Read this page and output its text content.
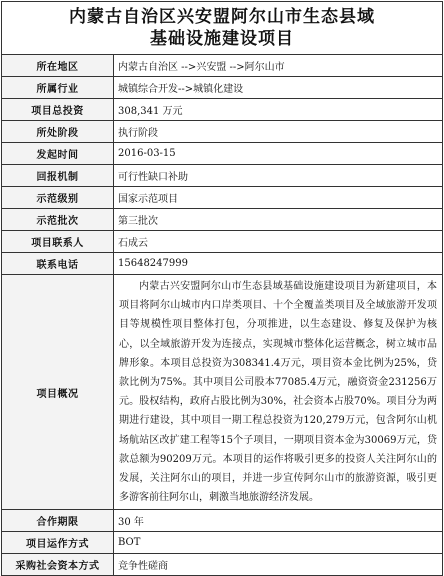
内蒙古自治区兴安盟阿尔山市生态县域
基础设施建设项目
所在地区	内蒙古自治区 -->兴安盟 -->阿尔山市
所属行业	城镇综合开发-->城镇化建设
项目总投资	308,341 万元
所处阶段	执行阶段
发起时间	2016-03-15
回报机制	可行性缺口补助
示范级别	国家示范项目
示范批次	第三批次
项目联系人	石成云
联系电话	15648247999
项目概况	内蒙古兴安盟阿尔山市生态县域基础设施建设项目为新建项目，本项目将阿尔山城市内口岸类项目、十个全覆盖类项目及全域旅游开发项目等规模性项目整体打包，分项推进，以生态建设、修复及保护为核心，以全域旅游开发为连接点，实现城市整体化运营概念，树立城市品牌形象。本项目总投资为308341.4万元，项目资本金比例为25%，贷款比例为75%。其中项目公司股本77085.4万元，融资资金231256万元。股权结构，政府占股比例为30%，社会资本占股70%。项目分为两期进行建设，其中项目一期工程总投资为120,279万元，包含阿尔山机场航站区改扩建工程等15个子项目，一期项目资本金为30069万元，贷款总额为90209万元。本项目的运作将吸引更多的投资人关注阿尔山的发展，关注阿尔山的项目，并进一步宣传阿尔山市的旅游资源，吸引更多游客前往阿尔山，刺激当地旅游经济发展。
合作期限	30 年
项目运作方式	BOT
采购社会资本方式	竞争性磋商
